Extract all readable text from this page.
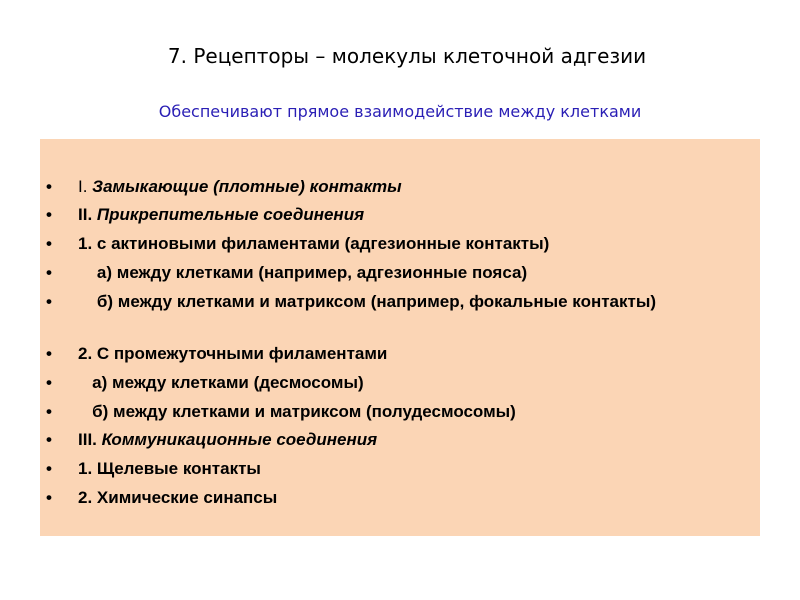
7. Рецепторы – молекулы клеточной адгезии
Обеспечивают прямое взаимодействие между клетками
• I. Замыкающие (плотные) контакты
• II. Прикрепительные соединения
• 1. с актиновыми филаментами (адгезионные контакты)
• а) между клетками (например, адгезионные пояса)
• б) между клетками и матриксом (например, фокальные контакты)
• 2. С промежуточными филаментами
• а) между клетками (десмосомы)
• б) между клетками и матриксом (полудесмосомы)
• III. Коммуникационные соединения
• 1. Щелевые контакты
• 2. Химические синапсы
